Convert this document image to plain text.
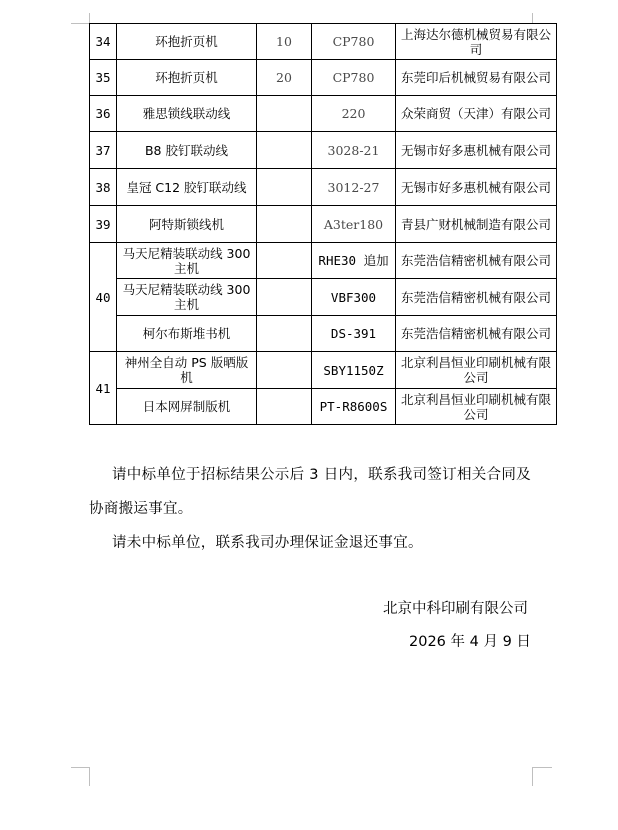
34	环抱折页机	10	CP780	上海达尔德机械贸易有限公司
35	环抱折页机	20	CP780	东莞印后机械贸易有限公司
36	雅思锁线联动线		220	众荣商贸（天津）有限公司
37	B8 胶钉联动线		3028-21	无锡市好多惠机械有限公司
38	皇冠 C12 胶钉联动线		3012-27	无锡市好多惠机械有限公司
39	阿特斯锁线机		A3ter180	青县广财机械制造有限公司
40	马天尼精装联动线 300 主机		RHE30 追加	东莞浩信精密机械有限公司
	马天尼精装联动线 300 主机		VBF300	东莞浩信精密机械有限公司
	柯尔布斯堆书机		DS-391	东莞浩信精密机械有限公司
41	神州全自动 PS 版晒版机		SBY1150Z	北京利昌恒业印刷机械有限公司
	日本网屏制版机		PT-R8600S	北京利昌恒业印刷机械有限公司
请中标单位于招标结果公示后 3 日内，联系我司签订相关合同及
协商搬运事宜。
请未中标单位，联系我司办理保证金退还事宜。
北京中科印刷有限公司
2026 年 4 月 9 日
